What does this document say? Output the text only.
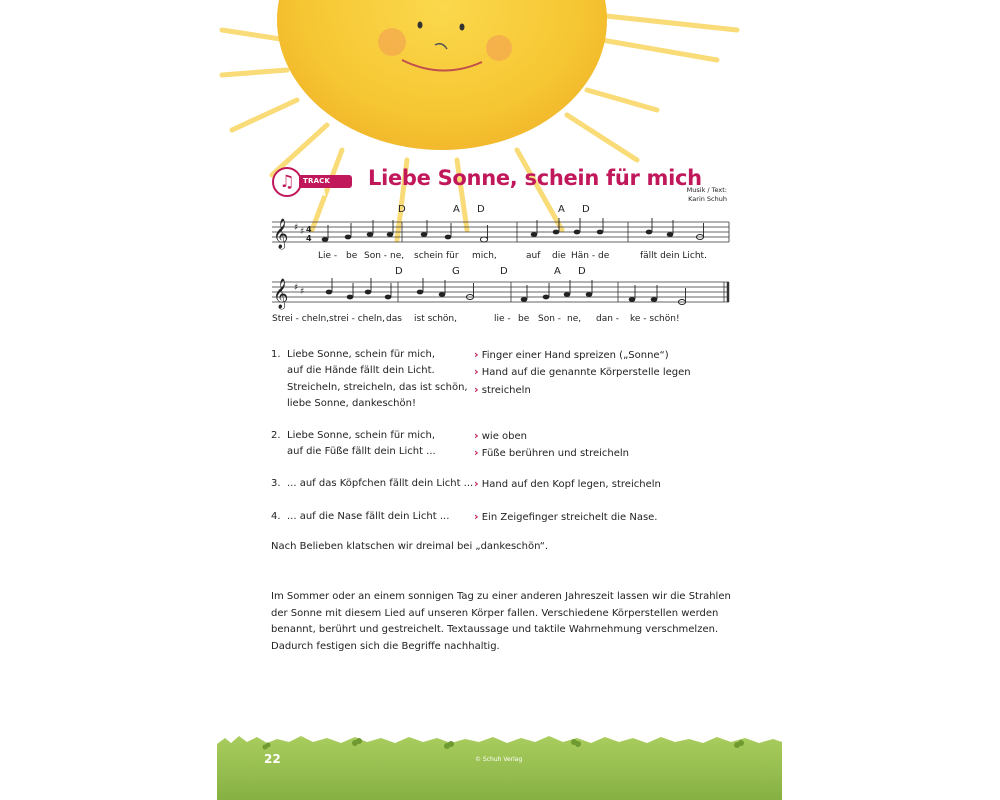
♫	TRACK 13/14
Liebe Sonne, schein für mich
Musik / Text:
Karin Schuh
𝄞 ♯ ♯ 4
4
D	A D	A D
Lie - be Son - ne, schein für mich,	auf die Hän - de	fällt dein Licht.
𝄞 ♯ ♯
D	G	D	A D
Strei - cheln, strei - cheln, das ist schön,	lie - be Son - ne, dan - ke - schön!
1. Liebe Sonne, schein für mich,
auf die Hände fällt dein Licht.
Streicheln, streicheln, das ist schön,
liebe Sonne, dankeschön!
› Finger einer Hand spreizen („Sonne“)
› Hand auf die genannte Körperstelle legen
› streicheln
2. Liebe Sonne, schein für mich,
auf die Füße fällt dein Licht ...
› wie oben
› Füße berühren und streicheln
3. ... auf das Köpfchen fällt dein Licht ... › Hand auf den Kopf legen, streicheln
4. ... auf die Nase fällt dein Licht ... › Ein Zeigefinger streichelt die Nase.
Nach Belieben klatschen wir dreimal bei „dankeschön“.
Im Sommer oder an einem sonnigen Tag zu einer anderen Jahreszeit lassen wir die Strahlen der Sonne mit diesem Lied auf unseren Körper fallen. Verschiedene Körperstellen werden benannt, berührt und gestreichelt. Textaussage und taktile Wahrnehmung verschmelzen. Dadurch festigen sich die Begriffe nachhaltig.
22	© Schuh Verlag
